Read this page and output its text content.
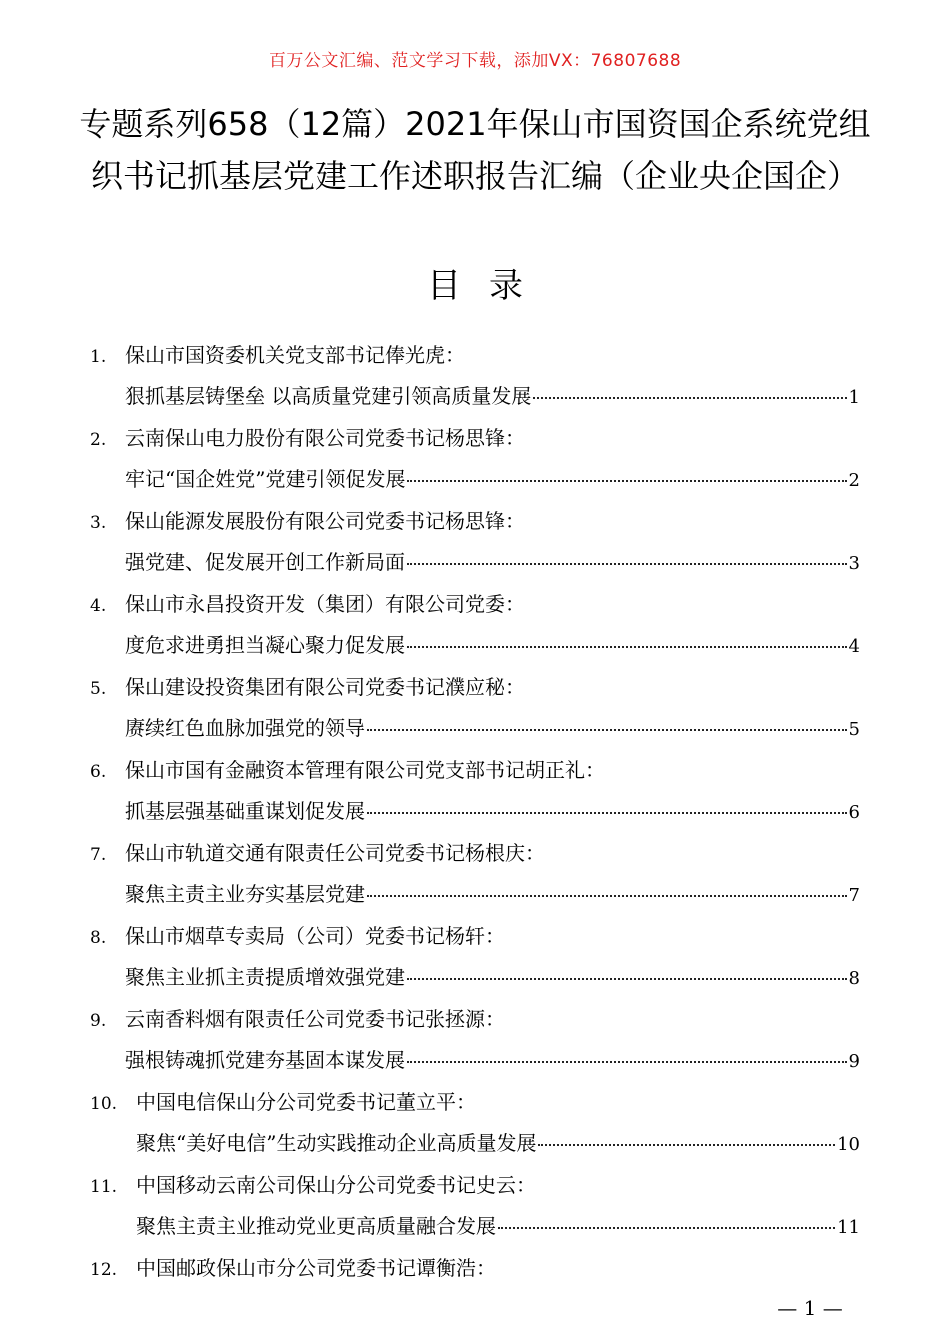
百万公文汇编、范文学习下载，添加VX：76807688
专题系列658（12篇）2021年保山市国资国企系统党组织书记抓基层党建工作述职报告汇编（企业央企国企）
目录
1. 保山市国资委机关党支部书记俸光虎：
狠抓基层铸堡垒 以高质量党建引领高质量发展	1
2. 云南保山电力股份有限公司党委书记杨思锋：
牢记“国企姓党”党建引领促发展	2
3. 保山能源发展股份有限公司党委书记杨思锋：
强党建、促发展开创工作新局面	3
4. 保山市永昌投资开发（集团）有限公司党委：
度危求进勇担当凝心聚力促发展	4
5. 保山建设投资集团有限公司党委书记濮应秘：
赓续红色血脉加强党的领导	5
6. 保山市国有金融资本管理有限公司党支部书记胡正礼：
抓基层强基础重谋划促发展	6
7. 保山市轨道交通有限责任公司党委书记杨根庆：
聚焦主责主业夯实基层党建	7
8. 保山市烟草专卖局（公司）党委书记杨轩：
聚焦主业抓主责提质增效强党建	8
9. 云南香料烟有限责任公司党委书记张拯源：
强根铸魂抓党建夯基固本谋发展	9
10. 中国电信保山分公司党委书记董立平：
聚焦“美好电信”生动实践推动企业高质量发展	10
11. 中国移动云南公司保山分公司党委书记史云：
聚焦主责主业推动党业更高质量融合发展	11
12. 中国邮政保山市分公司党委书记谭衡浩：
— 1 —
